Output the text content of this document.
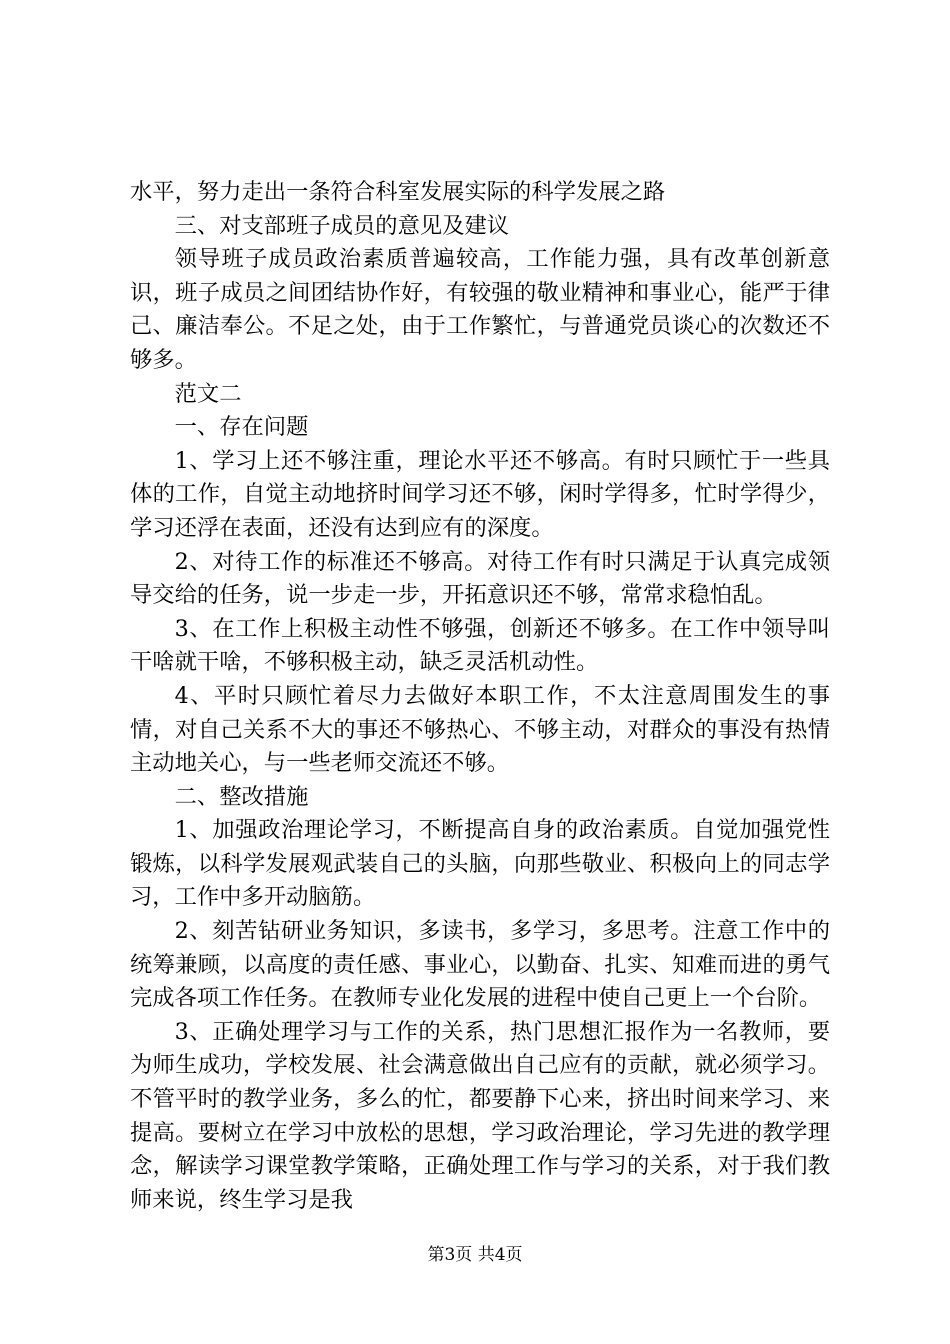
水平，努力走出一条符合科室发展实际的科学发展之路

三、对支部班子成员的意见及建议

领导班子成员政治素质普遍较高，工作能力强，具有改革创新意识，班子成员之间团结协作好，有较强的敬业精神和事业心，能严于律己、廉洁奉公。不足之处，由于工作繁忙，与普通党员谈心的次数还不够多。

范文二

一、存在问题

1、学习上还不够注重，理论水平还不够高。有时只顾忙于一些具体的工作，自觉主动地挤时间学习还不够，闲时学得多，忙时学得少，学习还浮在表面，还没有达到应有的深度。

2、对待工作的标准还不够高。对待工作有时只满足于认真完成领导交给的任务，说一步走一步，开拓意识还不够，常常求稳怕乱。

3、在工作上积极主动性不够强，创新还不够多。在工作中领导叫干啥就干啥，不够积极主动，缺乏灵活机动性。

4、平时只顾忙着尽力去做好本职工作，不太注意周围发生的事情，对自己关系不大的事还不够热心、不够主动，对群众的事没有热情主动地关心，与一些老师交流还不够。

二、整改措施

1、加强政治理论学习，不断提高自身的政治素质。自觉加强党性锻炼，以科学发展观武装自己的头脑，向那些敬业、积极向上的同志学习，工作中多开动脑筋。

2、刻苦钻研业务知识，多读书，多学习，多思考。注意工作中的统筹兼顾，以高度的责任感、事业心，以勤奋、扎实、知难而进的勇气完成各项工作任务。在教师专业化发展的进程中使自己更上一个台阶。

3、正确处理学习与工作的关系，热门思想汇报作为一名教师，要为师生成功，学校发展、社会满意做出自己应有的贡献，就必须学习。不管平时的教学业务，多么的忙，都要静下心来，挤出时间来学习、来提高。要树立在学习中放松的思想，学习政治理论，学习先进的教学理念，解读学习课堂教学策略，正确处理工作与学习的关系，对于我们教师来说，终生学习是我

第3页 共4页
